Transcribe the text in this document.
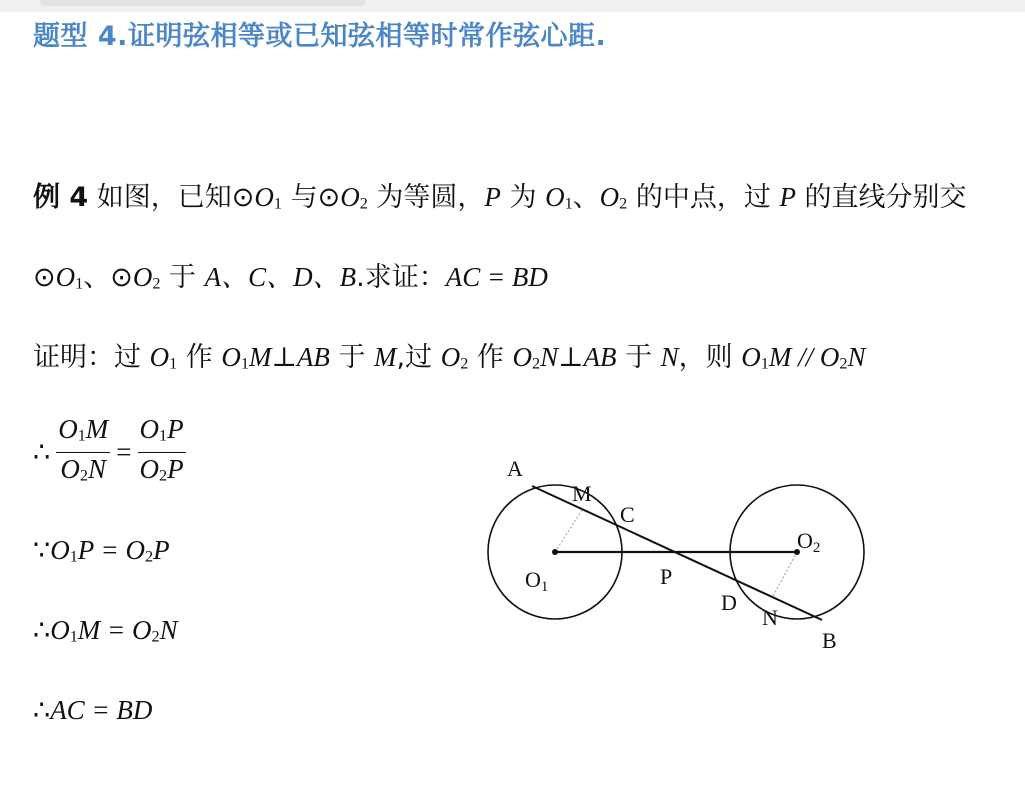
题型 4.证明弦相等或已知弦相等时常作弦心距.
例 4 如图，已知$⊙O_1$ 与$⊙O_2$ 为等圆，P 为 $O_1$、$O_2$ 的中点，过 P 的直线分别交
$⊙O_1$、$⊙O_2$ 于 A、C、D、B.求证：AC = BD
证明：过 $O_1$ 作 $O_1M\perp AB$ 于 M,过 $O_2$ 作 $O_2N\perp AB$ 于 N，则 $O_1M // O_2N$
∴ $\frac{O_1M}{O_2N} = \frac{O_1P}{O_2P}$
$\because O_1P = O_2P$
$\therefore O_1M = O_2N$
∴AC = BD
A
M
C
O2
O1	P
D
N
B
